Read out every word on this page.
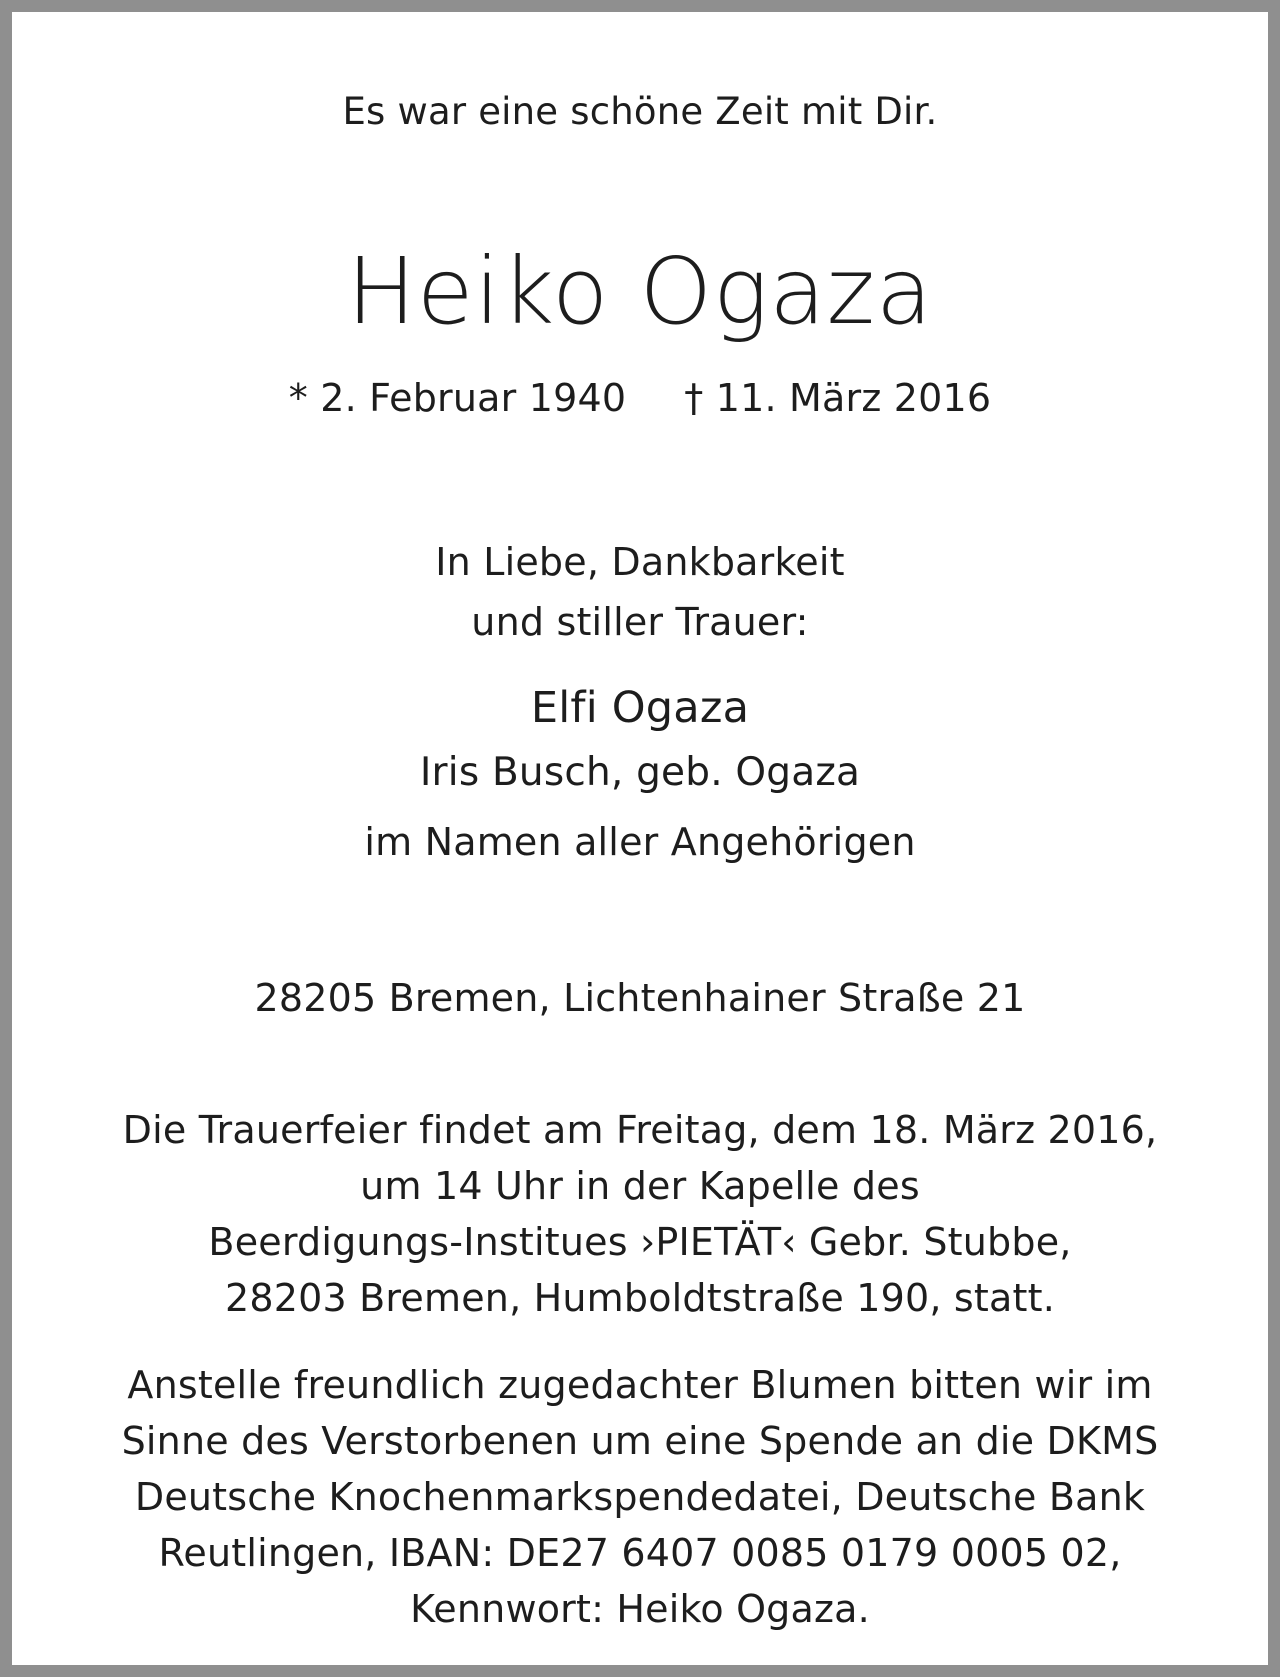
Es war eine schöne Zeit mit Dir.
Heiko Ogaza
* 2. Februar 1940 † 11. März 2016
In Liebe, Dankbarkeit
und stiller Trauer:
Elfi Ogaza
Iris Busch, geb. Ogaza
im Namen aller Angehörigen
28205 Bremen, Lichtenhainer Straße 21
Die Trauerfeier findet am Freitag, dem 18. März 2016,
um 14 Uhr in der Kapelle des
Beerdigungs-Institues ›PIETÄT‹ Gebr. Stubbe,
28203 Bremen, Humboldtstraße 190, statt.
Anstelle freundlich zugedachter Blumen bitten wir im
Sinne des Verstorbenen um eine Spende an die DKMS
Deutsche Knochenmarkspendedatei, Deutsche Bank
Reutlingen, IBAN: DE27 6407 0085 0179 0005 02,
Kennwort: Heiko Ogaza.
